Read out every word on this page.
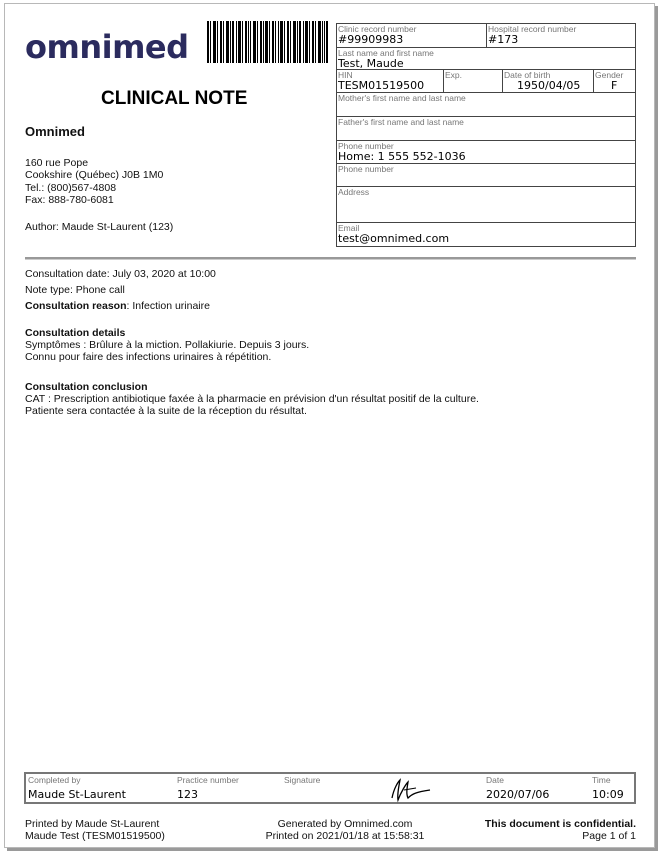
omnimed
CLINICAL NOTE
Omnimed
160 rue Pope
Cookshire (Québec) J0B 1M0
Tel.: (800)567-4808
Fax: 888-780-6081
Author: Maude St-Laurent (123)
Clinic record number
#99909983
Hospital record number
#173
Last name and first name
Test, Maude
HIN
TESM01519500
Exp.	Date of birth
1950/04/05
Gender
F
Mother's first name and last name
Father's first name and last name
Phone number
Home: 1 555 552-1036
Phone number
Address
Email
test@omnimed.com
Consultation date: July 03, 2020 at 10:00
Note type: Phone call
Consultation reason: Infection urinaire
Consultation details
Symptômes : Brûlure à la miction. Pollakiurie. Depuis 3 jours.
Connu pour faire des infections urinaires à répétition.
Consultation conclusion
CAT : Prescription antibiotique faxée à la pharmacie en prévision d'un résultat positif de la culture.
Patiente sera contactée à la suite de la réception du résultat.
Completed by
Maude St-Laurent
Practice number
123
Signature	Date
2020/07/06
Time
10:09
Printed by Maude St-Laurent
Maude Test (TESM01519500)
Generated by Omnimed.com
Printed on 2021/01/18 at 15:58:31
This document is confidential.
Page 1 of 1
